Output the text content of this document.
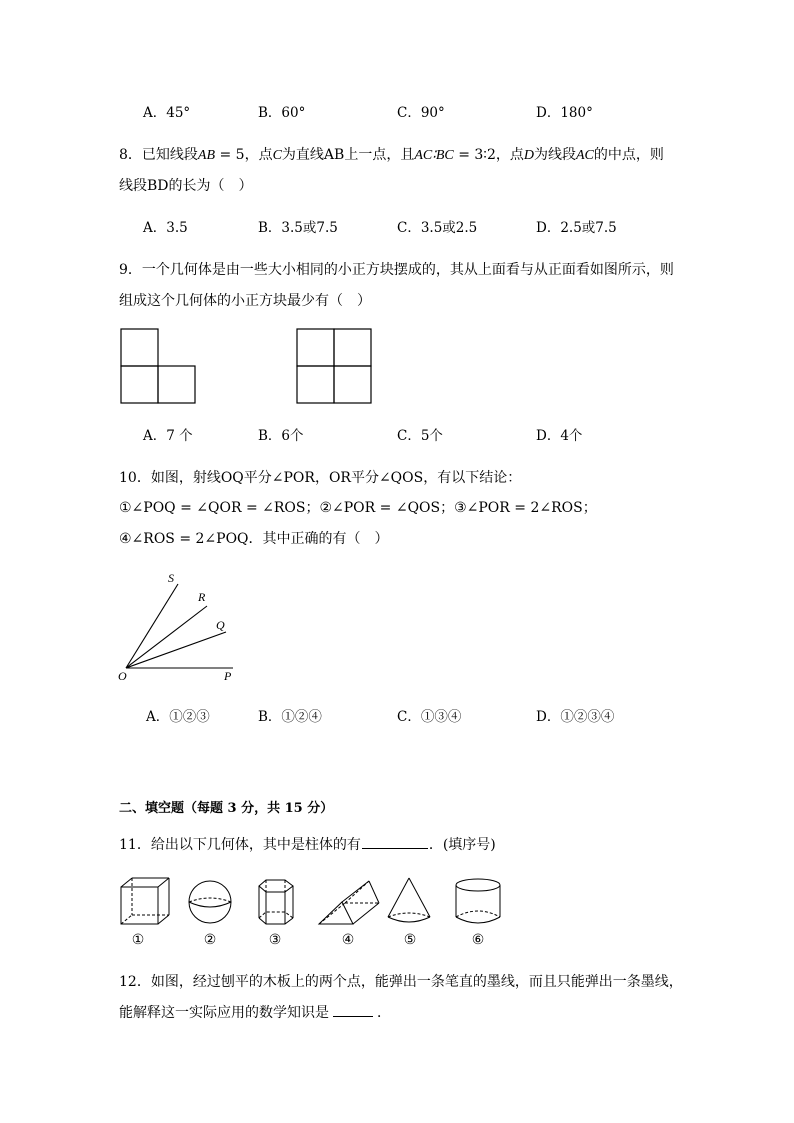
A．45°	B．60°	C．90°	D．180°
8．已知线段AB = 5，点C为直线AB上一点，且AC∶BC = 3∶2，点D为线段AC的中点，则
线段BD的长为（　）
A．3.5	B．3.5或7.5	C．3.5或2.5	D．2.5或7.5
9．一个几何体是由一些大小相同的小正方块摆成的，其从上面看与从正面看如图所示，则
组成这个几何体的小正方块最少有（　）
A．7 个	B．6个	C．5个	D．4个
10．如图，射线OQ平分∠POR，OR平分∠QOS，有以下结论：
①∠POQ = ∠QOR = ∠ROS；②∠POR = ∠QOS；③∠POR = 2∠ROS；
④∠ROS = 2∠POQ．其中正确的有（　）
S
R
Q
O	P
A．①②③	B．①②④	C．①③④	D．①②③④
二、填空题（每题 3 分，共 15 分）
11．给出以下几何体，其中是柱体的有	．(填序号)
①	②	③	④	⑤	⑥
12．如图，经过刨平的木板上的两个点，能弹出一条笔直的墨线，而且只能弹出一条墨线，
能解释这一实际应用的数学知识是	．
